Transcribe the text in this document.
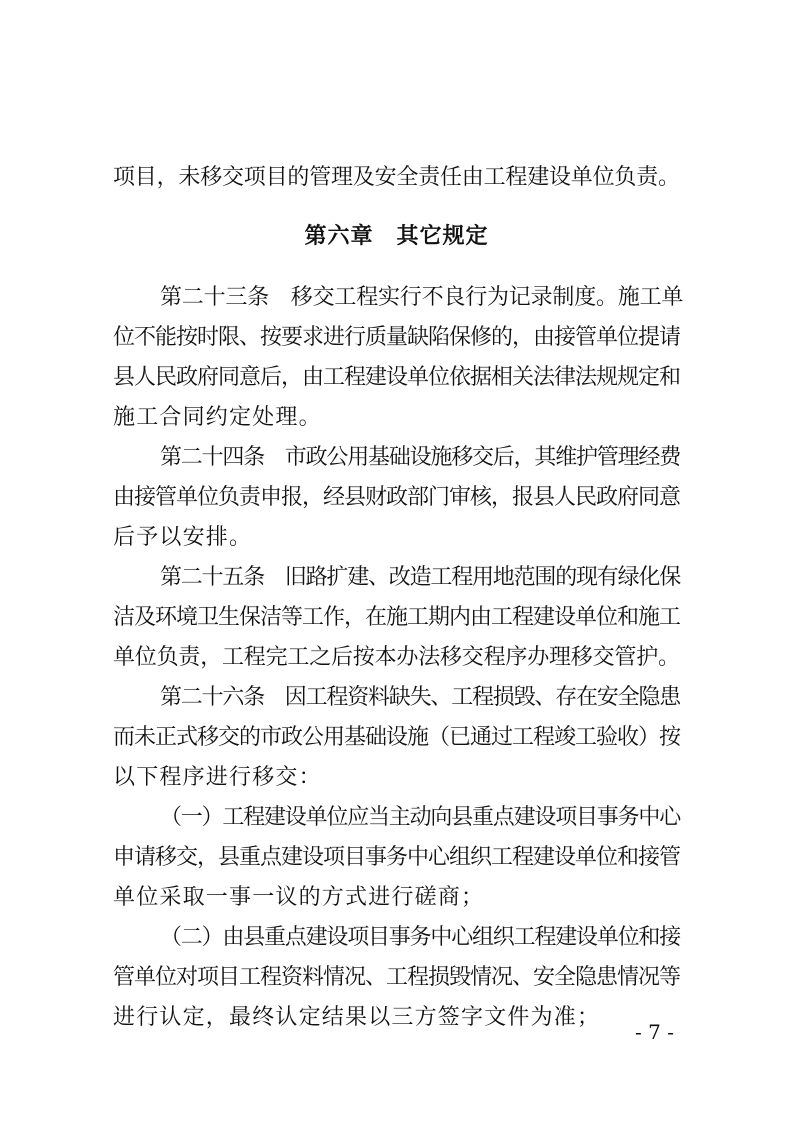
项目，未移交项目的管理及安全责任由工程建设单位负责。
第六章　其它规定
第二十三条　移交工程实行不良行为记录制度。施工单
位不能按时限、按要求进行质量缺陷保修的，由接管单位提请
县人民政府同意后，由工程建设单位依据相关法律法规规定和
施工合同约定处理。
第二十四条　市政公用基础设施移交后，其维护管理经费
由接管单位负责申报，经县财政部门审核，报县人民政府同意
后予以安排。
第二十五条　旧路扩建、改造工程用地范围的现有绿化保
洁及环境卫生保洁等工作，在施工期内由工程建设单位和施工
单位负责，工程完工之后按本办法移交程序办理移交管护。
第二十六条　因工程资料缺失、工程损毁、存在安全隐患
而未正式移交的市政公用基础设施（已通过工程竣工验收）按
以下程序进行移交：
（一）工程建设单位应当主动向县重点建设项目事务中心
申请移交，县重点建设项目事务中心组织工程建设单位和接管
单位采取一事一议的方式进行磋商；
（二）由县重点建设项目事务中心组织工程建设单位和接
管单位对项目工程资料情况、工程损毁情况、安全隐患情况等
进行认定，最终认定结果以三方签字文件为准；
- 7 -
